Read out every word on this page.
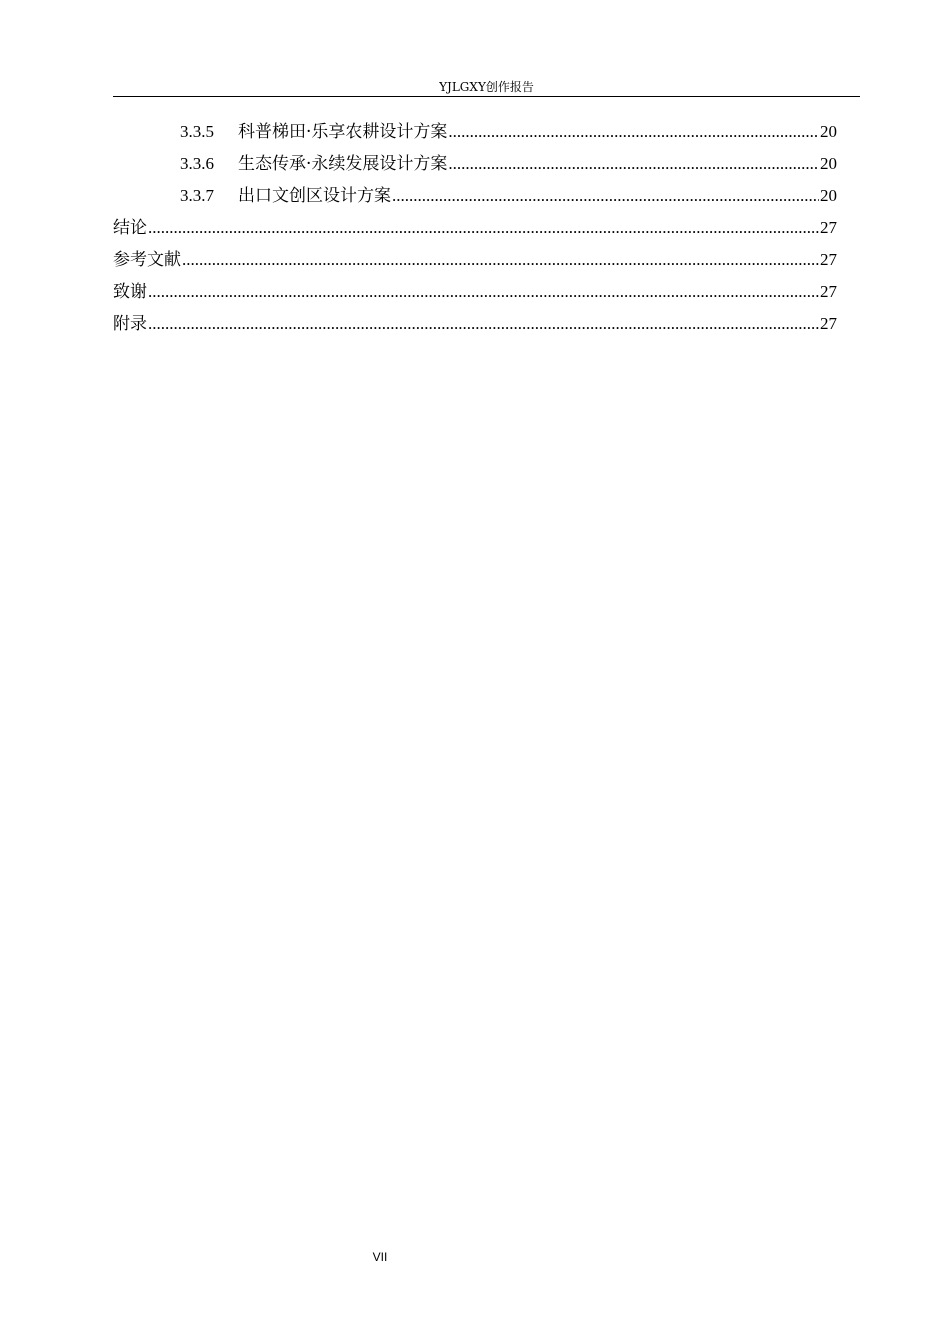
YJLGXY创作报告
3.3.5	科普梯田·乐享农耕设计方案 .....	20
3.3.6	生态传承·永续发展设计方案 .....	20
3.3.7	出口文创区设计方案 .....	20
结论 .....	27
参考文献 .....	27
致谢 .....	27
附录 .....	27
VII
